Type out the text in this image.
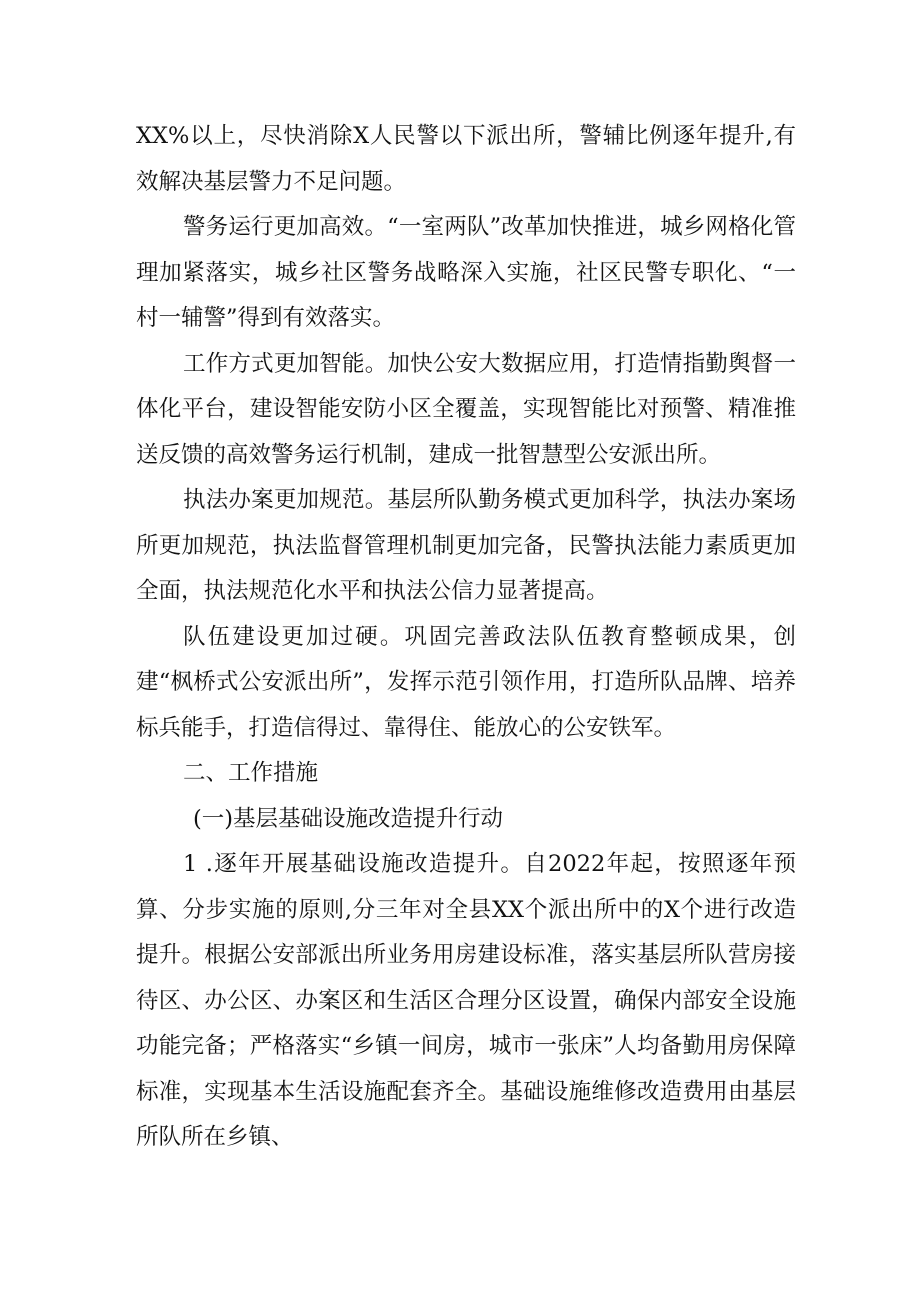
XX%以上，尽快消除X人民警以下派出所，警辅比例逐年提升,有效解决基层警力不足问题。

警务运行更加高效。“一室两队”改革加快推进，城乡网格化管理加紧落实，城乡社区警务战略深入实施，社区民警专职化、“一村一辅警”得到有效落实。

工作方式更加智能。加快公安大数据应用，打造情指勤舆督一体化平台，建设智能安防小区全覆盖，实现智能比对预警、精准推送反馈的高效警务运行机制，建成一批智慧型公安派出所。

执法办案更加规范。基层所队勤务模式更加科学，执法办案场所更加规范，执法监督管理机制更加完备，民警执法能力素质更加全面，执法规范化水平和执法公信力显著提高。

队伍建设更加过硬。巩固完善政法队伍教育整顿成果，创建“枫桥式公安派出所”，发挥示范引领作用，打造所队品牌、培养标兵能手，打造信得过、靠得住、能放心的公安铁军。

二、工作措施

(一)基层基础设施改造提升行动

1 .逐年开展基础设施改造提升。自2022年起，按照逐年预算、分步实施的原则,分三年对全县XX个派出所中的X个进行改造提升。根据公安部派出所业务用房建设标准，落实基层所队营房接待区、办公区、办案区和生活区合理分区设置，确保内部安全设施功能完备；严格落实“乡镇一间房，城市一张床”人均备勤用房保障标准，实现基本生活设施配套齐全。基础设施维修改造费用由基层所队所在乡镇、
